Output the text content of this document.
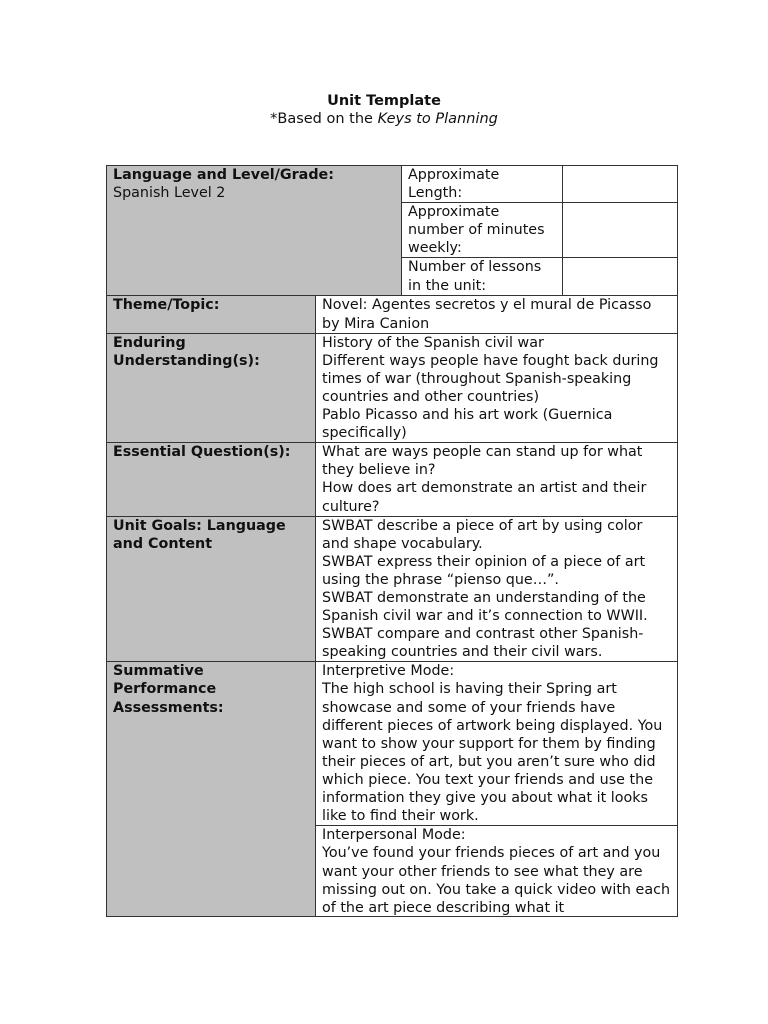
Unit Template
*Based on the Keys to Planning
Language and Level/Grade:
Spanish Level 2		Approximate Length:	
		Approximate number of minutes weekly:	
		Number of lessons in the unit:	

Theme/Topic:	Novel: Agentes secretos y el mural de Picasso by Mira Canion		

Enduring Understanding(s):	History of the Spanish civil war
Different ways people have fought back during times of war (throughout Spanish-speaking countries and other countries)
Pablo Picasso and his art work (Guernica specifically)		

Essential Question(s):	What are ways people can stand up for what they believe in?
How does art demonstrate an artist and their culture?		

Unit Goals: Language and Content	SWBAT describe a piece of art by using color and shape vocabulary.
SWBAT express their opinion of a piece of art using the phrase “pienso que…”.
SWBAT demonstrate an understanding of the Spanish civil war and it’s connection to WWII.
SWBAT compare and contrast other Spanish-speaking countries and their civil wars.		

Summative Performance Assessments:	Interpretive Mode:
The high school is having their Spring art showcase and some of your friends have different pieces of artwork being displayed. You want to show your support for them by finding their pieces of art, but you aren’t sure who did which piece. You text your friends and use the information they give you about what it looks like to find their work.		

	Interpersonal Mode:
You’ve found your friends pieces of art and you want your other friends to see what they are missing out on. You take a quick video with each of the art piece describing what it		
